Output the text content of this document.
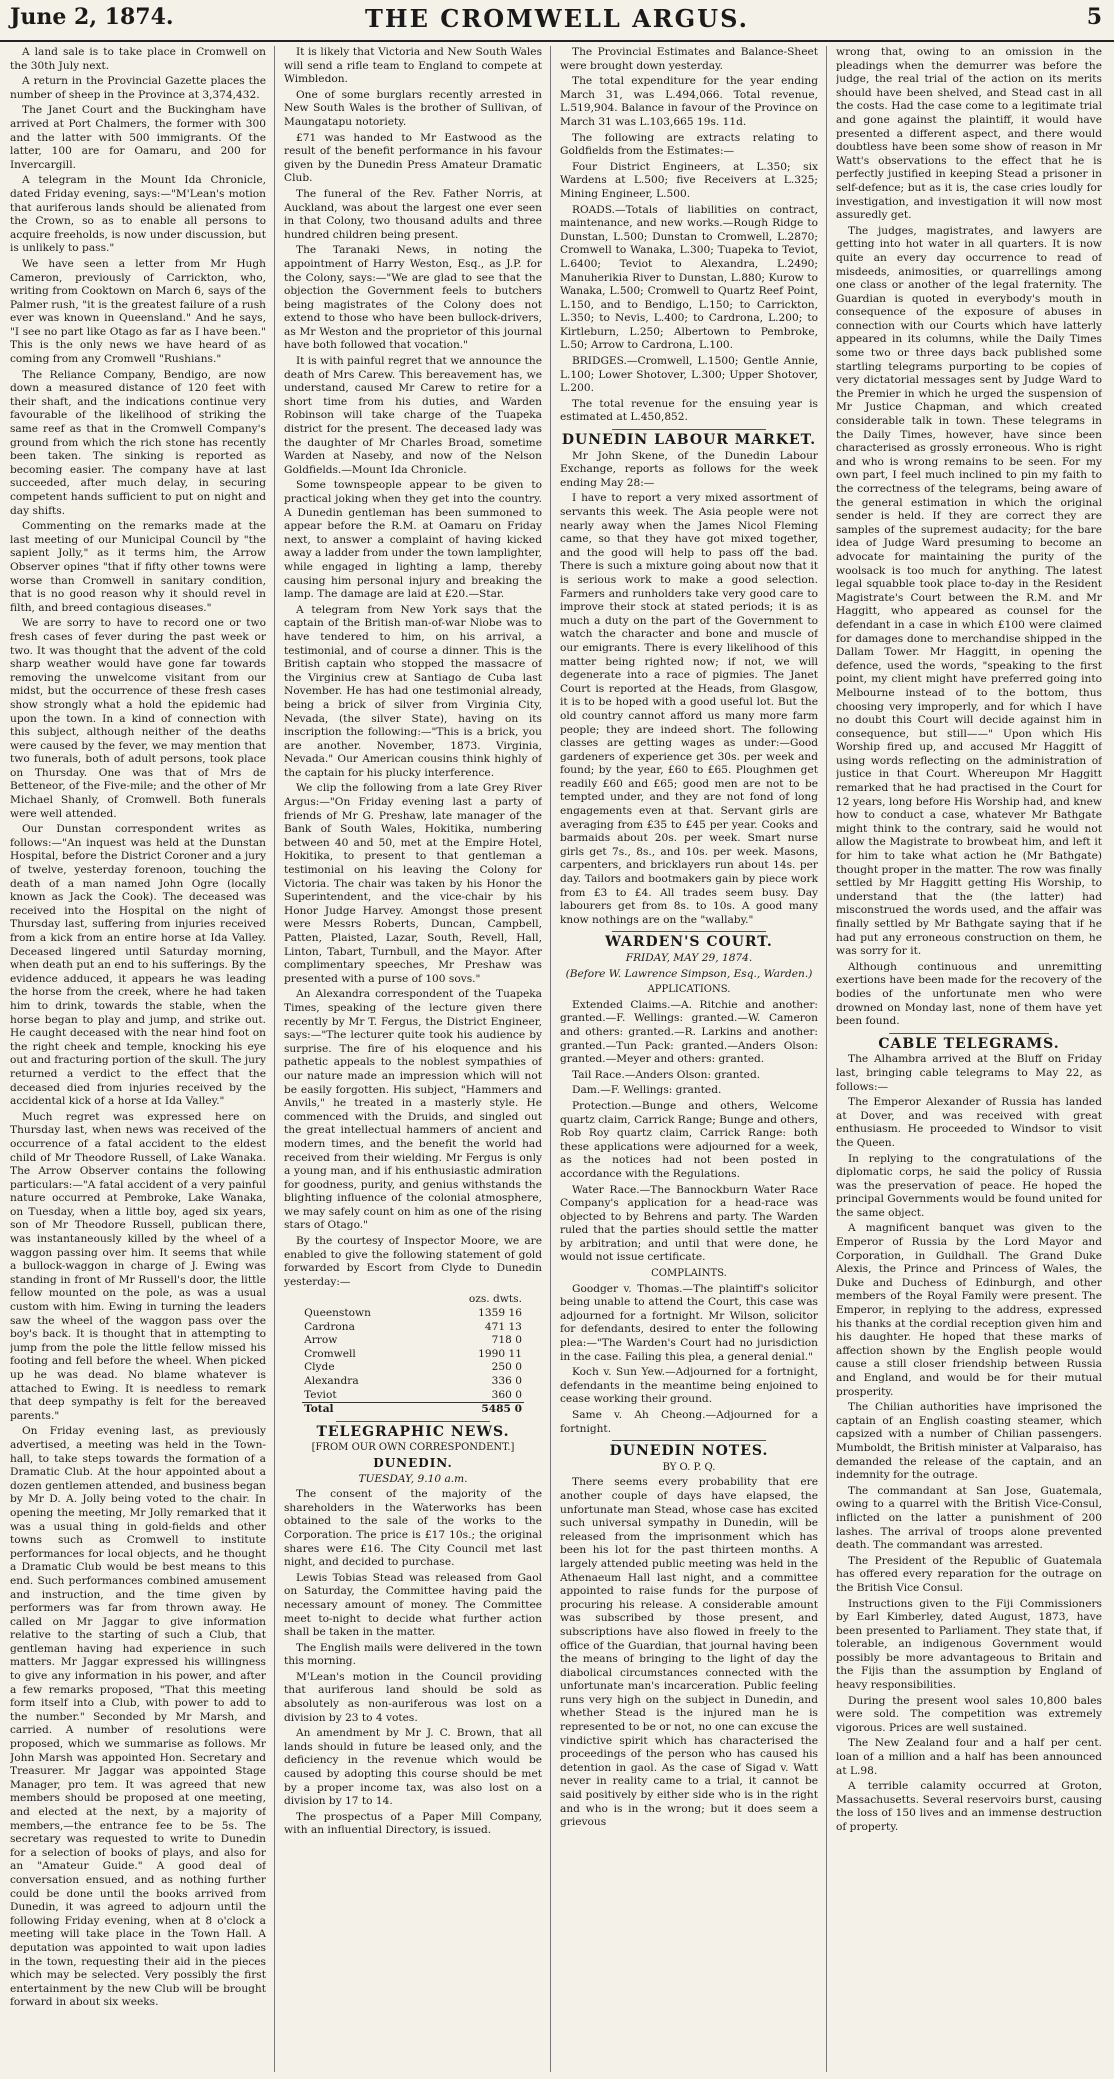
June 2, 1874.	THE CROMWELL ARGUS.	5

A land sale is to take place in Cromwell on the 30th July next.

A return in the Provincial Gazette places the number of sheep in the Province at 3,374,432.

The Janet Court and the Buckingham have arrived at Port Chalmers, the former with 300 and the latter with 500 immigrants. Of the latter, 100 are for Oamaru, and 200 for Invercargill.

A telegram in the Mount Ida Chronicle, dated Friday evening, says:—"M'Lean's motion that auriferous lands should be alienated from the Crown, so as to enable all persons to acquire freeholds, is now under discussion, but is unlikely to pass."

We have seen a letter from Mr Hugh Cameron, previously of Carrickton, who, writing from Cooktown on March 6, says of the Palmer rush, "it is the greatest failure of a rush ever was known in Queensland." And he says, "I see no part like Otago as far as I have been." This is the only news we have heard of as coming from any Cromwell "Rushians."

The Reliance Company, Bendigo, are now down a measured distance of 120 feet with their shaft, and the indications continue very favourable of the likelihood of striking the same reef as that in the Cromwell Company's ground from which the rich stone has recently been taken. The sinking is reported as becoming easier. The company have at last succeeded, after much delay, in securing competent hands sufficient to put on night and day shifts.

Commenting on the remarks made at the last meeting of our Municipal Council by "the sapient Jolly," as it terms him, the Arrow Observer opines "that if fifty other towns were worse than Cromwell in sanitary condition, that is no good reason why it should revel in filth, and breed contagious diseases."

We are sorry to have to record one or two fresh cases of fever during the past week or two. It was thought that the advent of the cold sharp weather would have gone far towards removing the unwelcome visitant from our midst, but the occurrence of these fresh cases show strongly what a hold the epidemic had upon the town. In a kind of connection with this subject, although neither of the deaths were caused by the fever, we may mention that two funerals, both of adult persons, took place on Thursday. One was that of Mrs de Betteneor, of the Five-mile; and the other of Mr Michael Shanly, of Cromwell. Both funerals were well attended.

Our Dunstan correspondent writes as follows:—"An inquest was held at the Dunstan Hospital, before the District Coroner and a jury of twelve, yesterday forenoon, touching the death of a man named John Ogre (locally known as Jack the Cook). The deceased was received into the Hospital on the night of Thursday last, suffering from injuries received from a kick from an entire horse at Ida Valley. Deceased lingered until Saturday morning, when death put an end to his sufferings. By the evidence adduced, it appears he was leading the horse from the creek, where he had taken him to drink, towards the stable, when the horse began to play and jump, and strike out. He caught deceased with the near hind foot on the right cheek and temple, knocking his eye out and fracturing portion of the skull. The jury returned a verdict to the effect that the deceased died from injuries received by the accidental kick of a horse at Ida Valley."

Much regret was expressed here on Thursday last, when news was received of the occurrence of a fatal accident to the eldest child of Mr Theodore Russell, of Lake Wanaka. The Arrow Observer contains the following particulars:—"A fatal accident of a very painful nature occurred at Pembroke, Lake Wanaka, on Tuesday, when a little boy, aged six years, son of Mr Theodore Russell, publican there, was instantaneously killed by the wheel of a waggon passing over him. It seems that while a bullock-waggon in charge of J. Ewing was standing in front of Mr Russell's door, the little fellow mounted on the pole, as was a usual custom with him. Ewing in turning the leaders saw the wheel of the waggon pass over the boy's back. It is thought that in attempting to jump from the pole the little fellow missed his footing and fell before the wheel. When picked up he was dead. No blame whatever is attached to Ewing. It is needless to remark that deep sympathy is felt for the bereaved parents."

On Friday evening last, as previously advertised, a meeting was held in the Town-hall, to take steps towards the formation of a Dramatic Club. At the hour appointed about a dozen gentlemen attended, and business began by Mr D. A. Jolly being voted to the chair. In opening the meeting, Mr Jolly remarked that it was a usual thing in gold-fields and other towns such as Cromwell to institute performances for local objects, and he thought a Dramatic Club would be best means to this end. Such performances combined amusement and instruction, and the time given by performers was far from thrown away. He called on Mr Jaggar to give information relative to the starting of such a Club, that gentleman having had experience in such matters. Mr Jaggar expressed his willingness to give any information in his power, and after a few remarks proposed, "That this meeting form itself into a Club, with power to add to the number." Seconded by Mr Marsh, and carried. A number of resolutions were proposed, which we summarise as follows. Mr John Marsh was appointed Hon. Secretary and Treasurer. Mr Jaggar was appointed Stage Manager, pro tem. It was agreed that new members should be proposed at one meeting, and elected at the next, by a majority of members,—the entrance fee to be 5s. The secretary was requested to write to Dunedin for a selection of books of plays, and also for an "Amateur Guide." A good deal of conversation ensued, and as nothing further could be done until the books arrived from Dunedin, it was agreed to adjourn until the following Friday evening, when at 8 o'clock a meeting will take place in the Town Hall. A deputation was appointed to wait upon ladies in the town, requesting their aid in the pieces which may be selected. Very possibly the first entertainment by the new Club will be brought forward in about six weeks.

It is likely that Victoria and New South Wales will send a rifle team to England to compete at Wimbledon.

One of some burglars recently arrested in New South Wales is the brother of Sullivan, of Maungatapu notoriety.

£71 was handed to Mr Eastwood as the result of the benefit performance in his favour given by the Dunedin Press Amateur Dramatic Club.

The funeral of the Rev. Father Norris, at Auckland, was about the largest one ever seen in that Colony, two thousand adults and three hundred children being present.

The Taranaki News, in noting the appointment of Harry Weston, Esq., as J.P. for the Colony, says:—"We are glad to see that the objection the Government feels to butchers being magistrates of the Colony does not extend to those who have been bullock-drivers, as Mr Weston and the proprietor of this journal have both followed that vocation."

It is with painful regret that we announce the death of Mrs Carew. This bereavement has, we understand, caused Mr Carew to retire for a short time from his duties, and Warden Robinson will take charge of the Tuapeka district for the present. The deceased lady was the daughter of Mr Charles Broad, sometime Warden at Naseby, and now of the Nelson Goldfields.—Mount Ida Chronicle.

Some townspeople appear to be given to practical joking when they get into the country. A Dunedin gentleman has been summoned to appear before the R.M. at Oamaru on Friday next, to answer a complaint of having kicked away a ladder from under the town lamplighter, while engaged in lighting a lamp, thereby causing him personal injury and breaking the lamp. The damage are laid at £20.—Star.

A telegram from New York says that the captain of the British man-of-war Niobe was to have tendered to him, on his arrival, a testimonial, and of course a dinner. This is the British captain who stopped the massacre of the Virginius crew at Santiago de Cuba last November. He has had one testimonial already, being a brick of silver from Virginia City, Nevada, (the silver State), having on its inscription the following:—"This is a brick, you are another. November, 1873. Virginia, Nevada." Our American cousins think highly of the captain for his plucky interference.

We clip the following from a late Grey River Argus:—"On Friday evening last a party of friends of Mr G. Preshaw, late manager of the Bank of South Wales, Hokitika, numbering between 40 and 50, met at the Empire Hotel, Hokitika, to present to that gentleman a testimonial on his leaving the Colony for Victoria. The chair was taken by his Honor the Superintendent, and the vice-chair by his Honor Judge Harvey. Amongst those present were Messrs Roberts, Duncan, Campbell, Patten, Plaisted, Lazar, South, Revell, Hall, Linton, Tabart, Turnbull, and the Mayor. After complimentary speeches, Mr Preshaw was presented with a purse of 100 sovs."

An Alexandra correspondent of the Tuapeka Times, speaking of the lecture given there recently by Mr T. Fergus, the District Engineer, says:—"The lecturer quite took his audience by surprise. The fire of his eloquence and his pathetic appeals to the noblest sympathies of our nature made an impression which will not be easily forgotten. His subject, "Hammers and Anvils," he treated in a masterly style. He commenced with the Druids, and singled out the great intellectual hammers of ancient and modern times, and the benefit the world had received from their wielding. Mr Fergus is only a young man, and if his enthusiastic admiration for goodness, purity, and genius withstands the blighting influence of the colonial atmosphere, we may safely count on him as one of the rising stars of Otago."

By the courtesy of Inspector Moore, we are enabled to give the following statement of gold forwarded by Escort from Clyde to Dunedin yesterday:—

	ozs. dwts.
Queenstown	1359 16
Cardrona	471 13
Arrow	718 0
Cromwell	1990 11
Clyde	250 0
Alexandra	336 0
Teviot	360 0
Total	5485 0

TELEGRAPHIC NEWS.

[FROM OUR OWN CORRESPONDENT.]

DUNEDIN.

TUESDAY, 9.10 a.m.

The consent of the majority of the shareholders in the Waterworks has been obtained to the sale of the works to the Corporation. The price is £17 10s.; the original shares were £16. The City Council met last night, and decided to purchase.

Lewis Tobias Stead was released from Gaol on Saturday, the Committee having paid the necessary amount of money. The Committee meet to-night to decide what further action shall be taken in the matter.

The English mails were delivered in the town this morning.

M'Lean's motion in the Council providing that auriferous land should be sold as absolutely as non-auriferous was lost on a division by 23 to 4 votes.

An amendment by Mr J. C. Brown, that all lands should in future be leased only, and the deficiency in the revenue which would be caused by adopting this course should be met by a proper income tax, was also lost on a division by 17 to 14.

The prospectus of a Paper Mill Company, with an influential Directory, is issued.

The Provincial Estimates and Balance-Sheet were brought down yesterday.

The total expenditure for the year ending March 31, was L.494,066. Total revenue, L.519,904. Balance in favour of the Province on March 31 was L.103,665 19s. 11d.

The following are extracts relating to Goldfields from the Estimates:—

Four District Engineers, at L.350; six Wardens at L.500; five Receivers at L.325; Mining Engineer, L.500.

ROADS.—Totals of liabilities on contract, maintenance, and new works.—Rough Ridge to Dunstan, L.500; Dunstan to Cromwell, L.2870; Cromwell to Wanaka, L.300; Tuapeka to Teviot, L.6400; Teviot to Alexandra, L.2490; Manuherikia River to Dunstan, L.880; Kurow to Wanaka, L.500; Cromwell to Quartz Reef Point, L.150, and to Bendigo, L.150; to Carrickton, L.350; to Nevis, L.400; to Cardrona, L.200; to Kirtleburn, L.250; Albertown to Pembroke, L.50; Arrow to Cardrona, L.100.

BRIDGES.—Cromwell, L.1500; Gentle Annie, L.100; Lower Shotover, L.300; Upper Shotover, L.200.

The total revenue for the ensuing year is estimated at L.450,852.

DUNEDIN LABOUR MARKET.

Mr John Skene, of the Dunedin Labour Exchange, reports as follows for the week ending May 28:—

I have to report a very mixed assortment of servants this week. The Asia people were not nearly away when the James Nicol Fleming came, so that they have got mixed together, and the good will help to pass off the bad. There is such a mixture going about now that it is serious work to make a good selection. Farmers and runholders take very good care to improve their stock at stated periods; it is as much a duty on the part of the Government to watch the character and bone and muscle of our emigrants. There is every likelihood of this matter being righted now; if not, we will degenerate into a race of pigmies. The Janet Court is reported at the Heads, from Glasgow, it is to be hoped with a good useful lot. But the old country cannot afford us many more farm people; they are indeed short. The following classes are getting wages as under:—Good gardeners of experience get 30s. per week and found; by the year, £60 to £65. Ploughmen get readily £60 and £65; good men are not to be tempted under, and they are not fond of long engagements even at that. Servant girls are averaging from £35 to £45 per year. Cooks and barmaids about 20s. per week. Smart nurse girls get 7s., 8s., and 10s. per week. Masons, carpenters, and bricklayers run about 14s. per day. Tailors and bootmakers gain by piece work from £3 to £4. All trades seem busy. Day labourers get from 8s. to 10s. A good many know nothings are on the "wallaby."

WARDEN'S COURT.

FRIDAY, MAY 29, 1874.

(Before W. Lawrence Simpson, Esq., Warden.)

APPLICATIONS.

Extended Claims.—A. Ritchie and another: granted.—F. Wellings: granted.—W. Cameron and others: granted.—R. Larkins and another: granted.—Tun Pack: granted.—Anders Olson: granted.—Meyer and others: granted.

Tail Race.—Anders Olson: granted.

Dam.—F. Wellings: granted.

Protection.—Bunge and others, Welcome quartz claim, Carrick Range; Bunge and others, Rob Roy quartz claim, Carrick Range: both these applications were adjourned for a week, as the notices had not been posted in accordance with the Regulations.

Water Race.—The Bannockburn Water Race Company's application for a head-race was objected to by Behrens and party. The Warden ruled that the parties should settle the matter by arbitration; and until that were done, he would not issue certificate.

COMPLAINTS.

Goodger v. Thomas.—The plaintiff's solicitor being unable to attend the Court, this case was adjourned for a fortnight. Mr Wilson, solicitor for defendants, desired to enter the following plea:—"The Warden's Court had no jurisdiction in the case. Failing this plea, a general denial."

Koch v. Sun Yew.—Adjourned for a fortnight, defendants in the meantime being enjoined to cease working their ground.

Same v. Ah Cheong.—Adjourned for a fortnight.

DUNEDIN NOTES.

BY O. P. Q.

There seems every probability that ere another couple of days have elapsed, the unfortunate man Stead, whose case has excited such universal sympathy in Dunedin, will be released from the imprisonment which has been his lot for the past thirteen months. A largely attended public meeting was held in the Athenaeum Hall last night, and a committee appointed to raise funds for the purpose of procuring his release. A considerable amount was subscribed by those present, and subscriptions have also flowed in freely to the office of the Guardian, that journal having been the means of bringing to the light of day the diabolical circumstances connected with the unfortunate man's incarceration. Public feeling runs very high on the subject in Dunedin, and whether Stead is the injured man he is represented to be or not, no one can excuse the vindictive spirit which has characterised the proceedings of the person who has caused his detention in gaol. As the case of Sigad v. Watt never in reality came to a trial, it cannot be said positively by either side who is in the right and who is in the wrong; but it does seem a grievous

wrong that, owing to an omission in the pleadings when the demurrer was before the judge, the real trial of the action on its merits should have been shelved, and Stead cast in all the costs. Had the case come to a legitimate trial and gone against the plaintiff, it would have presented a different aspect, and there would doubtless have been some show of reason in Mr Watt's observations to the effect that he is perfectly justified in keeping Stead a prisoner in self-defence; but as it is, the case cries loudly for investigation, and investigation it will now most assuredly get.

The judges, magistrates, and lawyers are getting into hot water in all quarters. It is now quite an every day occurrence to read of misdeeds, animosities, or quarrellings among one class or another of the legal fraternity. The Guardian is quoted in everybody's mouth in consequence of the exposure of abuses in connection with our Courts which have latterly appeared in its columns, while the Daily Times some two or three days back published some startling telegrams purporting to be copies of very dictatorial messages sent by Judge Ward to the Premier in which he urged the suspension of Mr Justice Chapman, and which created considerable talk in town. These telegrams in the Daily Times, however, have since been characterised as grossly erroneous. Who is right and who is wrong remains to be seen. For my own part, I feel much inclined to pin my faith to the correctness of the telegrams, being aware of the general estimation in which the original sender is held. If they are correct they are samples of the supremest audacity; for the bare idea of Judge Ward presuming to become an advocate for maintaining the purity of the woolsack is too much for anything. The latest legal squabble took place to-day in the Resident Magistrate's Court between the R.M. and Mr Haggitt, who appeared as counsel for the defendant in a case in which £100 were claimed for damages done to merchandise shipped in the Dallam Tower. Mr Haggitt, in opening the defence, used the words, "speaking to the first point, my client might have preferred going into Melbourne instead of to the bottom, thus choosing very improperly, and for which I have no doubt this Court will decide against him in consequence, but still——" Upon which His Worship fired up, and accused Mr Haggitt of using words reflecting on the administration of justice in that Court. Whereupon Mr Haggitt remarked that he had practised in the Court for 12 years, long before His Worship had, and knew how to conduct a case, whatever Mr Bathgate might think to the contrary, said he would not allow the Magistrate to browbeat him, and left it for him to take what action he (Mr Bathgate) thought proper in the matter. The row was finally settled by Mr Haggitt getting His Worship, to understand that the (the latter) had misconstrued the words used, and the affair was finally settled by Mr Bathgate saying that if he had put any erroneous construction on them, he was sorry for it.

Although continuous and unremitting exertions have been made for the recovery of the bodies of the unfortunate men who were drowned on Monday last, none of them have yet been found.

CABLE TELEGRAMS.

The Alhambra arrived at the Bluff on Friday last, bringing cable telegrams to May 22, as follows:—

The Emperor Alexander of Russia has landed at Dover, and was received with great enthusiasm. He proceeded to Windsor to visit the Queen.

In replying to the congratulations of the diplomatic corps, he said the policy of Russia was the preservation of peace. He hoped the principal Governments would be found united for the same object.

A magnificent banquet was given to the Emperor of Russia by the Lord Mayor and Corporation, in Guildhall. The Grand Duke Alexis, the Prince and Princess of Wales, the Duke and Duchess of Edinburgh, and other members of the Royal Family were present. The Emperor, in replying to the address, expressed his thanks at the cordial reception given him and his daughter. He hoped that these marks of affection shown by the English people would cause a still closer friendship between Russia and England, and would be for their mutual prosperity.

The Chilian authorities have imprisoned the captain of an English coasting steamer, which capsized with a number of Chilian passengers. Mumboldt, the British minister at Valparaiso, has demanded the release of the captain, and an indemnity for the outrage.

The commandant at San Jose, Guatemala, owing to a quarrel with the British Vice-Consul, inflicted on the latter a punishment of 200 lashes. The arrival of troops alone prevented death. The commandant was arrested.

The President of the Republic of Guatemala has offered every reparation for the outrage on the British Vice Consul.

Instructions given to the Fiji Commissioners by Earl Kimberley, dated August, 1873, have been presented to Parliament. They state that, if tolerable, an indigenous Government would possibly be more advantageous to Britain and the Fijis than the assumption by England of heavy responsibilities.

During the present wool sales 10,800 bales were sold. The competition was extremely vigorous. Prices are well sustained.

The New Zealand four and a half per cent. loan of a million and a half has been announced at L.98.

A terrible calamity occurred at Groton, Massachusetts. Several reservoirs burst, causing the loss of 150 lives and an immense destruction of property.
